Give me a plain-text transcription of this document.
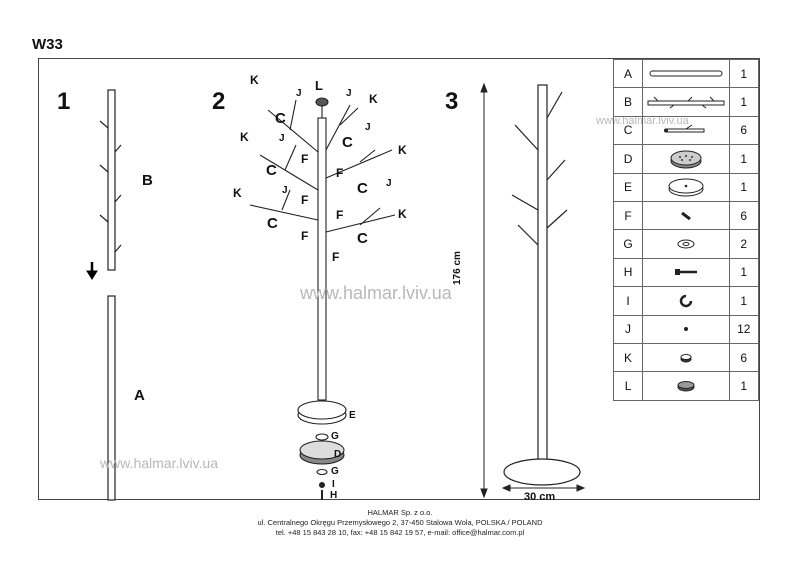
W33
1	2	3
B
A
L
K
K
K
K
K
K
J	J
J
J
J
J
C
C
C
C
C
C
F
F
F
F
F
F
E
G
D
G
I
H
176 cm
30 cm
www.halmar.lviv.ua
www.halmar.lviv.ua
www.halmar.lviv.ua
A		1
B		1
C		6
D		1
E		1
F		6
G		2
H		1
I		1
J		12
K		6
L		1
HALMAR Sp. z o.o.
ul. Centralnego Okręgu Przemysłowego 2, 37-450 Stalowa Wola, POLSKA / POLAND
tel. +48 15 843 28 10, fax: +48 15 842 19 57, e-mail: office@halmar.com.pl
